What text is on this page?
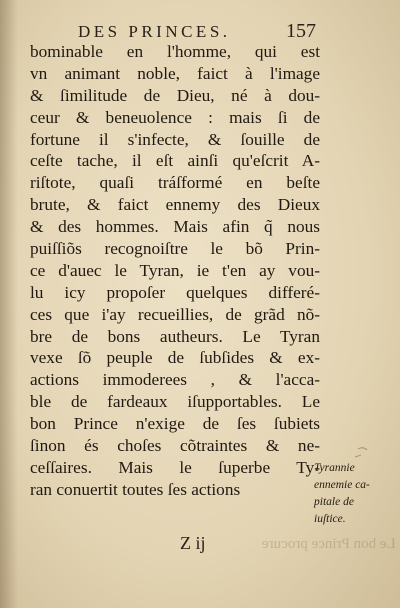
DES PRINCES.	157
bominable en l'homme, qui est
vn animant noble, faict à l'image
& ſimilitude de Dieu, né à dou-
ceur & beneuolence : mais ſi de
fortune il s'infecte, & ſouille de
ceſte tache, il eſt ainſi qu'eſcrit A-
riſtote, quaſi tráſformé en beſte
brute, & faict ennemy des Dieux
& des hommes. Mais afin q̃ nous
puiſſiõs recognoiſtre le bõ Prin-
ce d'auec le Tyran, ie t'en ay vou-
lu icy propoſer quelques differé-
ces que i'ay recueillies, de grãd nõ-
bre de bons autheurs. Le Tyran
vexe ſõ peuple de ſubſides & ex-
actions immoderees , & l'acca-
ble de fardeaux iſupportables. Le
bon Prince n'exige de ſes ſubiets
ſinon és choſes cõtraintes & ne-
ceſſaires. Mais le ſuperbe Ty-
ran conuertit toutes ſes actions
Tyrannie
ennemie ca-
pitale de
iuſtice.
Z ij	Le bon Prince procure
